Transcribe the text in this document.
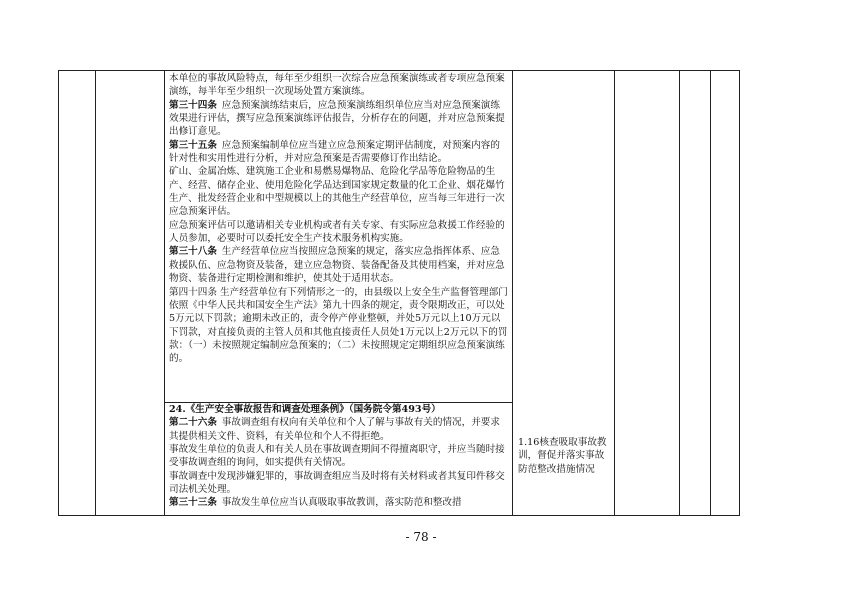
本单位的事故风险特点，每年至少组织一次综合应急预案演练或者专项应急预案演练，每半年至少组织一次现场处置方案演练。

第三十四条  应急预案演练结束后，应急预案演练组织单位应当对应急预案演练效果进行评估，撰写应急预案演练评估报告，分析存在的问题，并对应急预案提出修订意见。

第三十五条  应急预案编制单位应当建立应急预案定期评估制度，对预案内容的针对性和实用性进行分析，并对应急预案是否需要修订作出结论。

矿山、金属冶炼、建筑施工企业和易燃易爆物品、危险化学品等危险物品的生产、经营、储存企业、使用危险化学品达到国家规定数量的化工企业、烟花爆竹生产、批发经营企业和中型规模以上的其他生产经营单位，应当每三年进行一次应急预案评估。

应急预案评估可以邀请相关专业机构或者有关专家、有实际应急救援工作经验的人员参加，必要时可以委托安全生产技术服务机构实施。

第三十八条  生产经营单位应当按照应急预案的规定，落实应急指挥体系、应急救援队伍、应急物资及装备，建立应急物资、装备配备及其使用档案，并对应急物资、装备进行定期检测和维护，使其处于适用状态。

第四十四条 生产经营单位有下列情形之一的，由县级以上安全生产监督管理部门依照《中华人民共和国安全生产法》第九十四条的规定，责令限期改正，可以处5万元以下罚款；逾期未改正的，责令停产停业整顿，并处5万元以上10万元以下罚款，对直接负责的主管人员和其他直接责任人员处1万元以上2万元以下的罚款：（一）未按照规定编制应急预案的；（二）未按照规定定期组织应急预案演练的。

24.《生产安全事故报告和调查处理条例》（国务院令第493号）

第二十六条  事故调查组有权向有关单位和个人了解与事故有关的情况，并要求其提供相关文件、资料，有关单位和个人不得拒绝。

事故发生单位的负责人和有关人员在事故调查期间不得擅离职守，并应当随时接受事故调查组的询问，如实提供有关情况。

事故调查中发现涉嫌犯罪的，事故调查组应当及时将有关材料或者其复印件移交司法机关处理。

第三十三条  事故发生单位应当认真吸取事故教训，落实防范和整改措

1.16核查吸取事故教训，督促并落实事故防范整改措施情况
- 78 -
